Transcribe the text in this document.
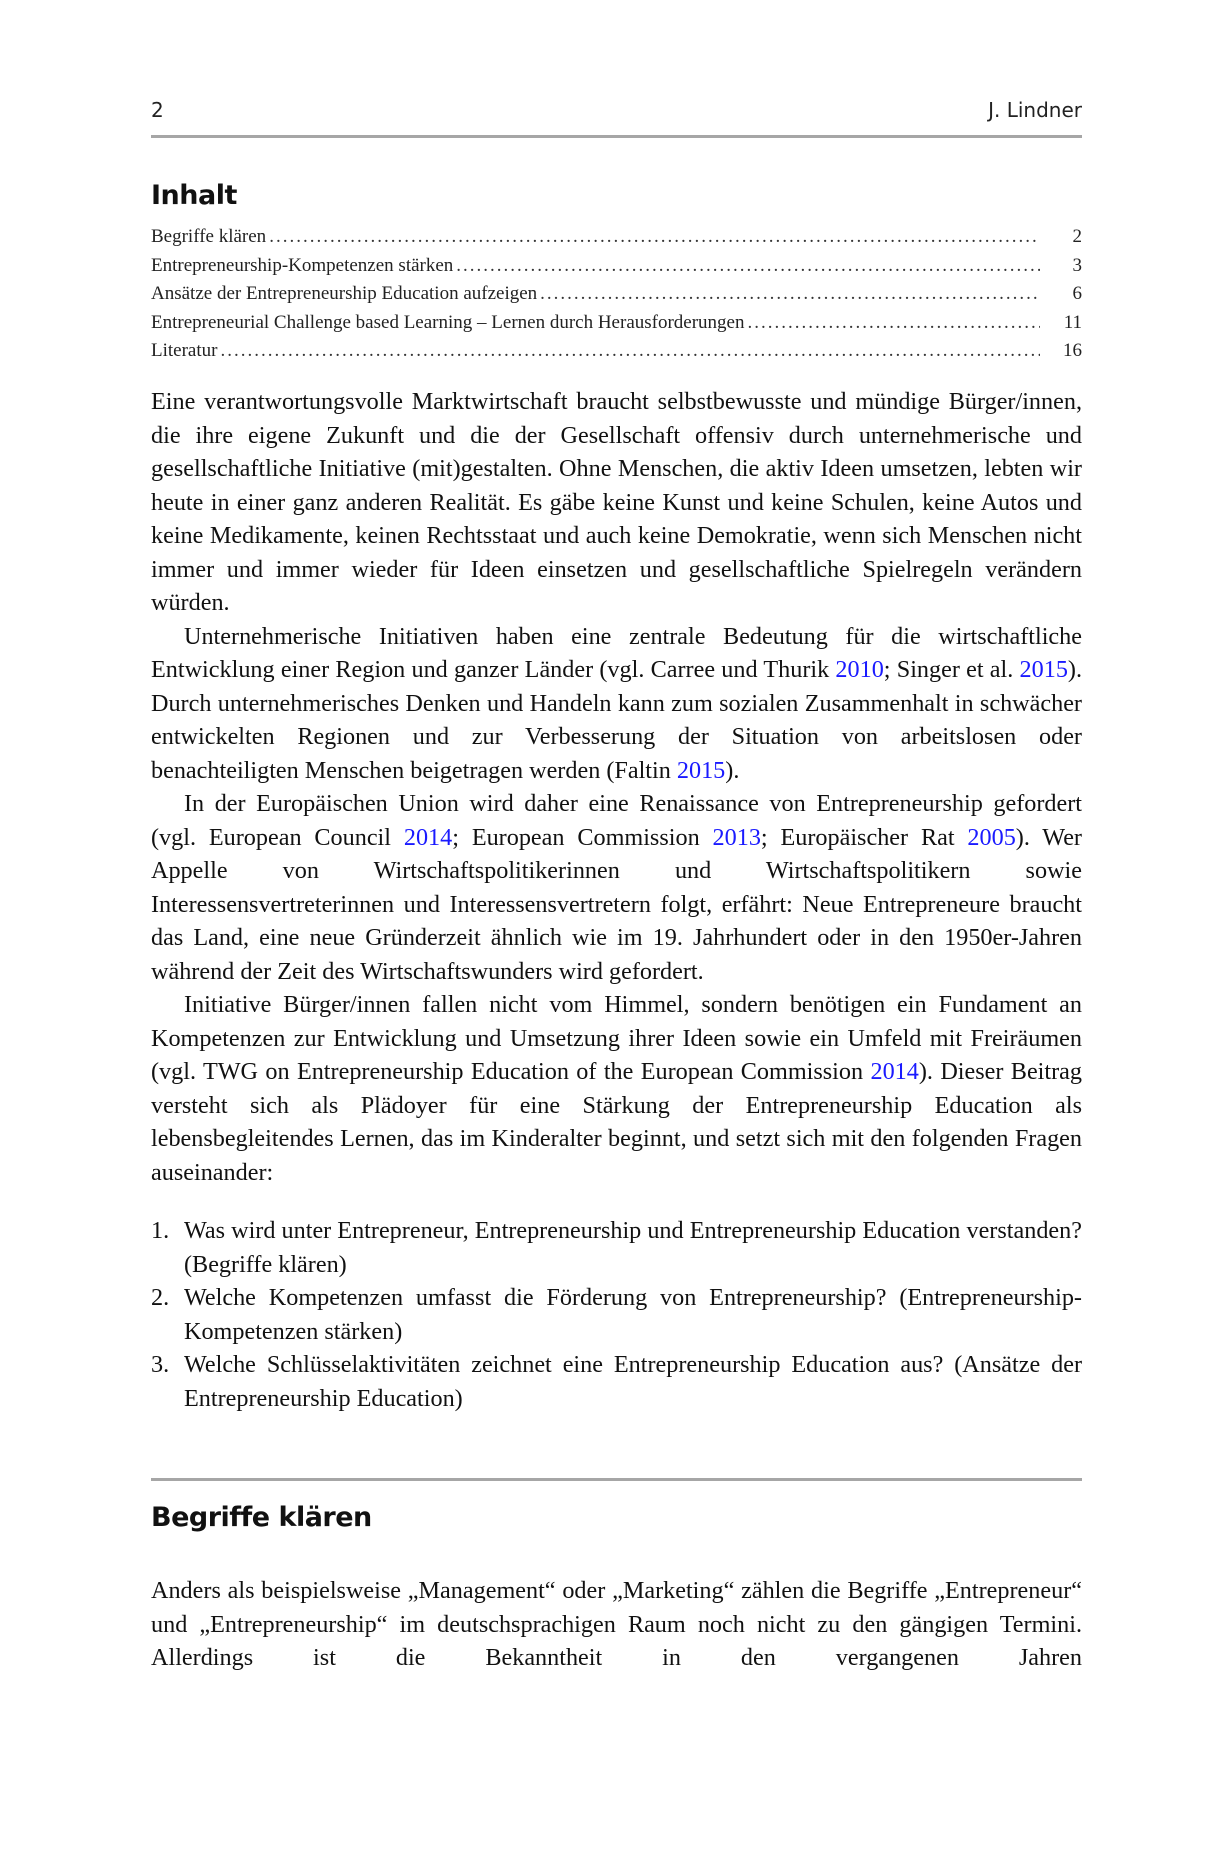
2	J. Lindner
Inhalt
Begriffe klären .....	2
Entrepreneurship-Kompetenzen stärken .....	3
Ansätze der Entrepreneurship Education aufzeigen .....	6
Entrepreneurial Challenge based Learning – Lernen durch Herausforderungen .....	11
Literatur .....	16

Eine verantwortungsvolle Marktwirtschaft braucht selbstbewusste und mündige Bürger/innen, die ihre eigene Zukunft und die der Gesellschaft offensiv durch unternehmerische und gesellschaftliche Initiative (mit)gestalten. Ohne Menschen, die aktiv Ideen umsetzen, lebten wir heute in einer ganz anderen Realität. Es gäbe keine Kunst und keine Schulen, keine Autos und keine Medikamente, keinen Rechtsstaat und auch keine Demokratie, wenn sich Menschen nicht immer und immer wieder für Ideen einsetzen und gesellschaftliche Spielregeln verändern würden.

Unternehmerische Initiativen haben eine zentrale Bedeutung für die wirtschaftliche Entwicklung einer Region und ganzer Länder (vgl. Carree und Thurik 2010; Singer et al. 2015). Durch unternehmerisches Denken und Handeln kann zum sozialen Zusammenhalt in schwächer entwickelten Regionen und zur Verbesserung der Situation von arbeitslosen oder benachteiligten Menschen beigetragen werden (Faltin 2015).

In der Europäischen Union wird daher eine Renaissance von Entrepreneurship gefordert (vgl. European Council 2014; European Commission 2013; Europäischer Rat 2005). Wer Appelle von Wirtschaftspolitikerinnen und Wirtschaftspolitikern sowie Interessensvertreterinnen und Interessensvertretern folgt, erfährt: Neue Entrepreneure braucht das Land, eine neue Gründerzeit ähnlich wie im 19. Jahrhundert oder in den 1950er-Jahren während der Zeit des Wirtschaftswunders wird gefordert.

Initiative Bürger/innen fallen nicht vom Himmel, sondern benötigen ein Fundament an Kompetenzen zur Entwicklung und Umsetzung ihrer Ideen sowie ein Umfeld mit Freiräumen (vgl. TWG on Entrepreneurship Education of the European Commission 2014). Dieser Beitrag versteht sich als Plädoyer für eine Stärkung der Entrepreneurship Education als lebensbegleitendes Lernen, das im Kinderalter beginnt, und setzt sich mit den folgenden Fragen auseinander:

1. Was wird unter Entrepreneur, Entrepreneurship und Entrepreneurship Education verstanden? (Begriffe klären)
2. Welche Kompetenzen umfasst die Förderung von Entrepreneurship? (Entrepreneurship-Kompetenzen stärken)
3. Welche Schlüsselaktivitäten zeichnet eine Entrepreneurship Education aus? (Ansätze der Entrepreneurship Education)
Begriffe klären

Anders als beispielsweise „Management“ oder „Marketing“ zählen die Begriffe „Entrepreneur“ und „Entrepreneurship“ im deutschsprachigen Raum noch nicht zu den gängigen Termini. Allerdings ist die Bekanntheit in den vergangenen Jahren
